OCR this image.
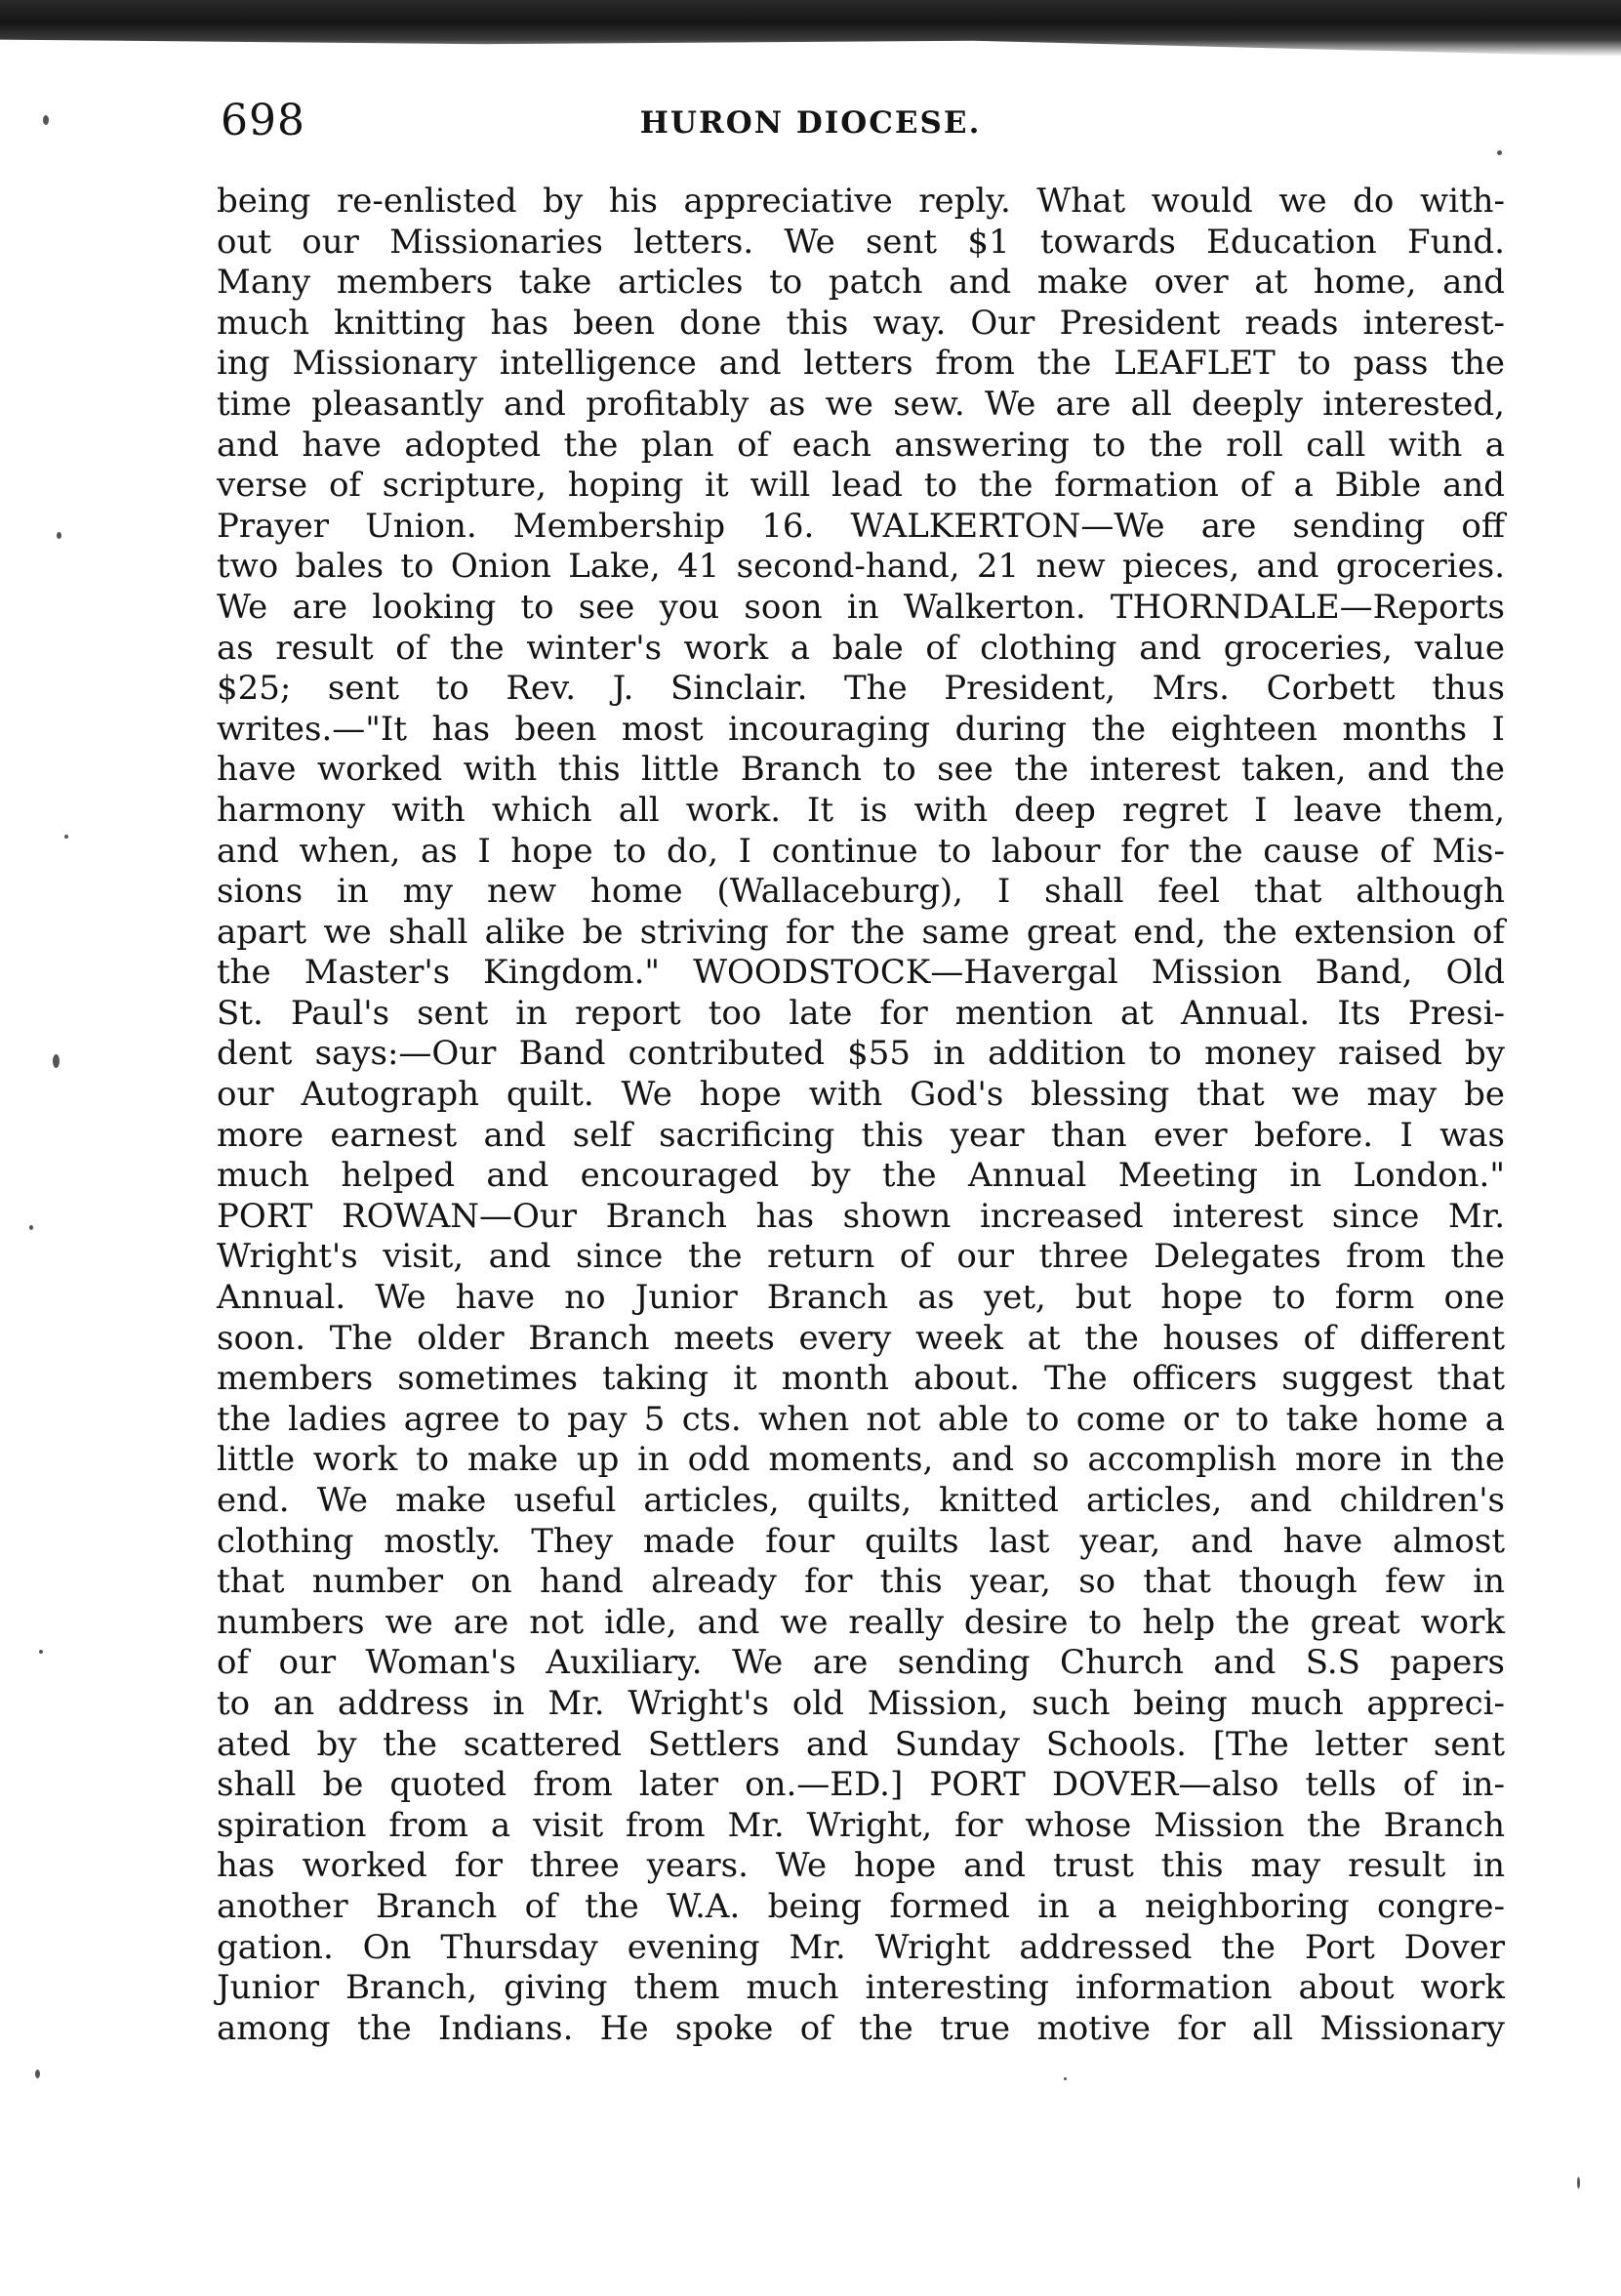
698	HURON DIOCESE.
being re-enlisted by his appreciative reply. What would we do with-
out our Missionaries letters. We sent $1 towards Education Fund.
Many members take articles to patch and make over at home, and
much knitting has been done this way. Our President reads interest-
ing Missionary intelligence and letters from the LEAFLET to pass the
time pleasantly and profitably as we sew. We are all deeply interested,
and have adopted the plan of each answering to the roll call with a
verse of scripture, hoping it will lead to the formation of a Bible and
Prayer Union. Membership 16. WALKERTON—We are sending off
two bales to Onion Lake, 41 second-hand, 21 new pieces, and groceries.
We are looking to see you soon in Walkerton. THORNDALE—Reports
as result of the winter's work a bale of clothing and groceries, value
$25; sent to Rev. J. Sinclair. The President, Mrs. Corbett thus
writes.—"It has been most incouraging during the eighteen months I
have worked with this little Branch to see the interest taken, and the
harmony with which all work. It is with deep regret I leave them,
and when, as I hope to do, I continue to labour for the cause of Mis-
sions in my new home (Wallaceburg), I shall feel that although
apart we shall alike be striving for the same great end, the extension of
the Master's Kingdom." WOODSTOCK—Havergal Mission Band, Old
St. Paul's sent in report too late for mention at Annual. Its Presi-
dent says:—Our Band contributed $55 in addition to money raised by
our Autograph quilt. We hope with God's blessing that we may be
more earnest and self sacrificing this year than ever before. I was
much helped and encouraged by the Annual Meeting in London."
PORT ROWAN—Our Branch has shown increased interest since Mr.
Wright's visit, and since the return of our three Delegates from the
Annual. We have no Junior Branch as yet, but hope to form one
soon. The older Branch meets every week at the houses of different
members sometimes taking it month about. The officers suggest that
the ladies agree to pay 5 cts. when not able to come or to take home a
little work to make up in odd moments, and so accomplish more in the
end. We make useful articles, quilts, knitted articles, and children's
clothing mostly. They made four quilts last year, and have almost
that number on hand already for this year, so that though few in
numbers we are not idle, and we really desire to help the great work
of our Woman's Auxiliary. We are sending Church and S.S papers
to an address in Mr. Wright's old Mission, such being much appreci-
ated by the scattered Settlers and Sunday Schools. [The letter sent
shall be quoted from later on.—ED.] PORT DOVER—also tells of in-
spiration from a visit from Mr. Wright, for whose Mission the Branch
has worked for three years. We hope and trust this may result in
another Branch of the W.A. being formed in a neighboring congre-
gation. On Thursday evening Mr. Wright addressed the Port Dover
Junior Branch, giving them much interesting information about work
among the Indians. He spoke of the true motive for all Missionary
